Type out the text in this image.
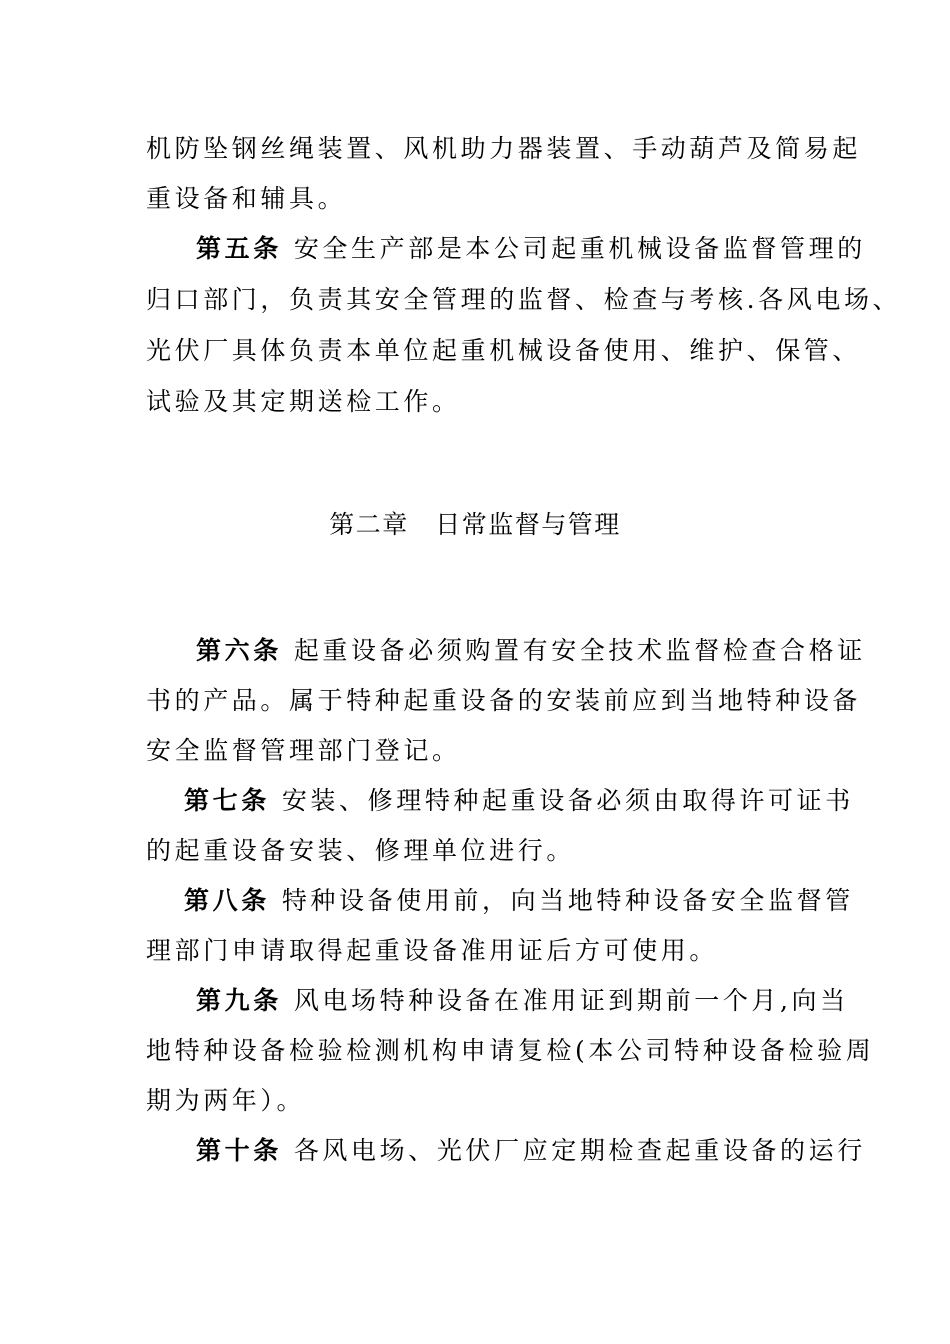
机防坠钢丝绳装置、风机助力器装置、手动葫芦及简易起
重设备和辅具。
第五条 安全生产部是本公司起重机械设备监督管理的
归口部门，负责其安全管理的监督、检查与考核.各风电场、
光伏厂具体负责本单位起重机械设备使用、维护、保管、
试验及其定期送检工作。
第二章　日常监督与管理
第六条 起重设备必须购置有安全技术监督检查合格证
书的产品。属于特种起重设备的安装前应到当地特种设备
安全监督管理部门登记。
第七条 安装、修理特种起重设备必须由取得许可证书
的起重设备安装、修理单位进行。
第八条 特种设备使用前，向当地特种设备安全监督管
理部门申请取得起重设备准用证后方可使用。
第九条 风电场特种设备在准用证到期前一个月,向当
地特种设备检验检测机构申请复检(本公司特种设备检验周
期为两年）。
第十条 各风电场、光伏厂应定期检查起重设备的运行
